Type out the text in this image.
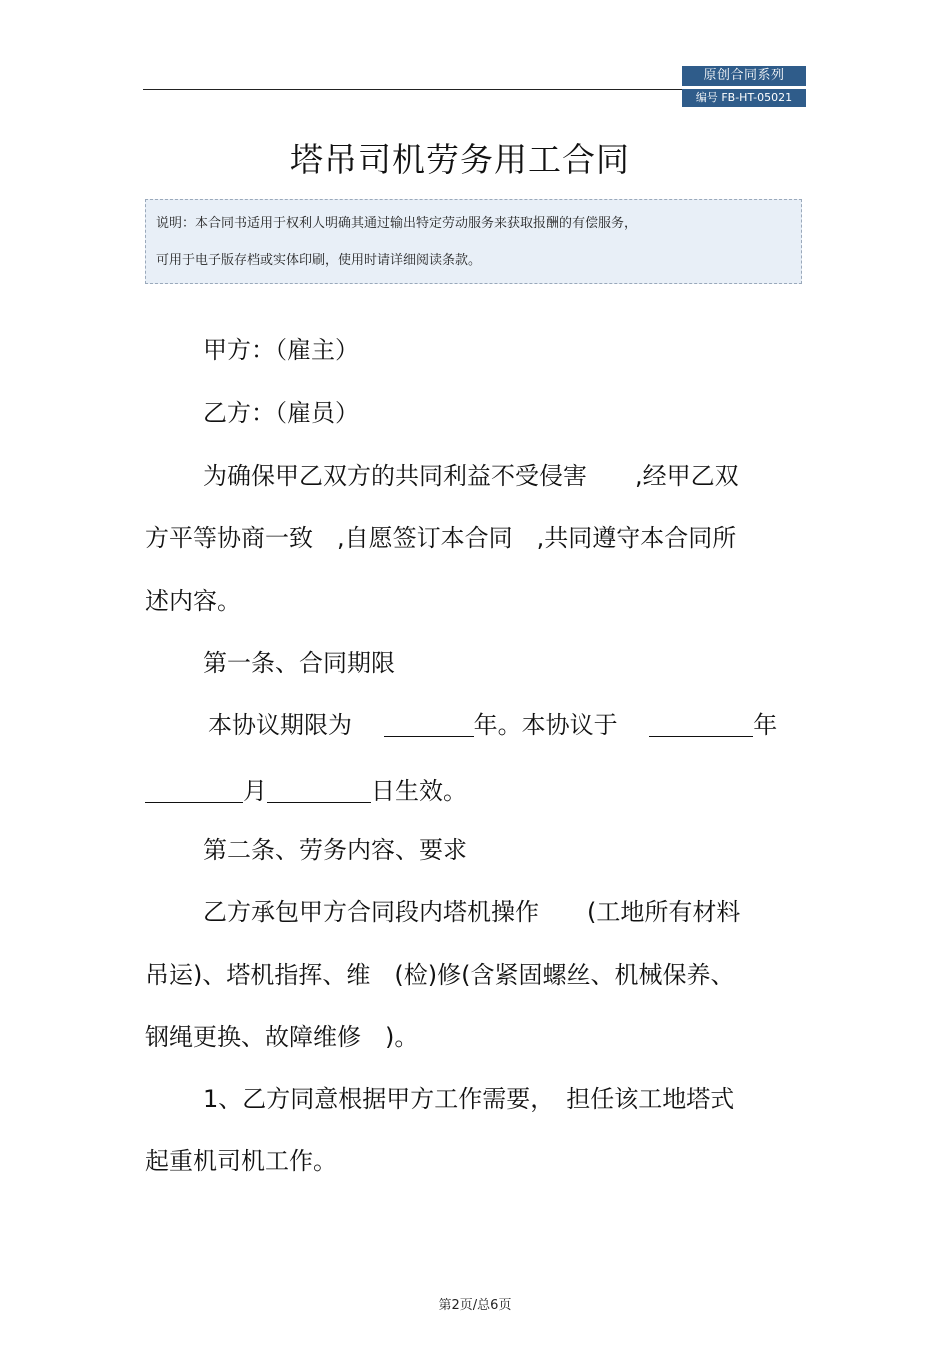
原创合同系列
编号 FB-HT-05021
塔吊司机劳务用工合同
说明：本合同书适用于权利人明确其通过输出特定劳动服务来获取报酬的有偿服务，
可用于电子版存档或实体印刷，使用时请详细阅读条款。
甲方：（雇主）
乙方：（雇员）
为确保甲乙双方的共同利益不受侵害　　,经甲乙双
方平等协商一致　,自愿签订本合同　,共同遵守本合同所
述内容。
第一条、合同期限
本协议期限为	年。本协议于	年
月	日生效。
第二条、劳务内容、要求
乙方承包甲方合同段内塔机操作　　(工地所有材料
吊运)、塔机指挥、维　(检)修(含紧固螺丝、机械保养、
钢绳更换、故障维修　)。
1、乙方同意根据甲方工作需要，　担任该工地塔式
起重机司机工作。
第2页/总6页
